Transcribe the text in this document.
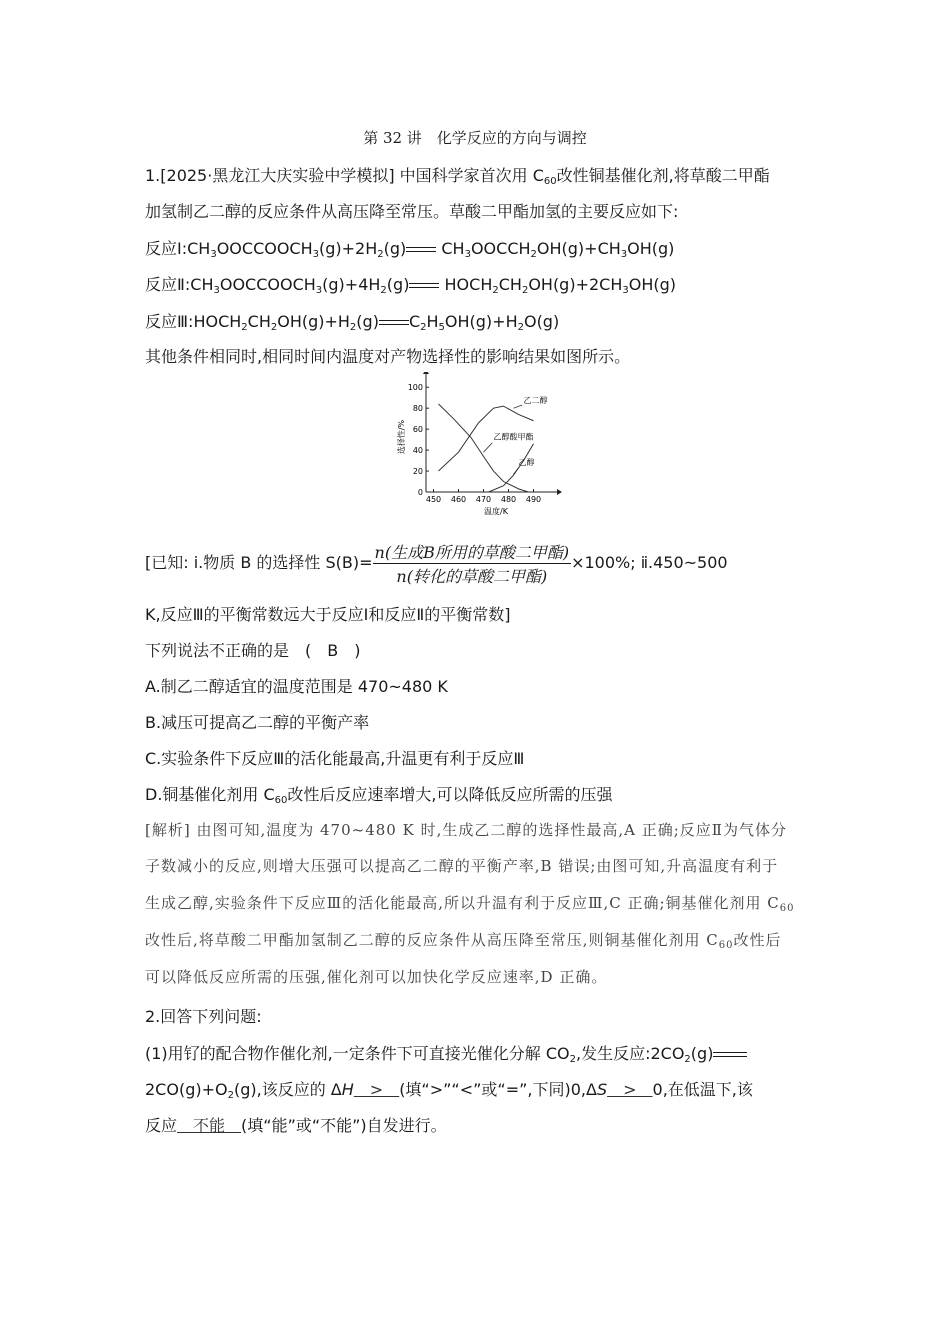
第 32 讲　化学反应的方向与调控
1.[2025·黑龙江大庆实验中学模拟] 中国科学家首次用 $C_{60}$改性铜基催化剂,将草酸二甲酯
加氢制乙二醇的反应条件从高压降至常压。草酸二甲酯加氢的主要反应如下:
反应$Ⅰ:CH_3OOCCOOCH_3(g)+2H_2(g)$ $CH_3OOCCH_2OH(g)+CH_3OH(g)$
反应$Ⅱ:CH_3OOCCOOCH_3(g)+4H_2(g)$ $HOCH_2CH_2OH(g)+2CH_3OH(g)$
反应$Ⅲ:HOCH_2CH_2OH(g)+H_2(g)$ $C_2H_5OH(g)+H_2O(g)$
其他条件相同时,相同时间内温度对产物选择性的影响结果如图所示。
450 460 470 480 490
0
20
40
60
80
100
温度/K
选择性/%
乙二醇
乙醇酸甲酯
乙醇
[已知: ⅰ.物质 B 的选择性 $S(B)= \frac{\text{n(生成B所用的草酸二甲酯)}}{\text{n(转化的草酸二甲酯)}} \times 100\%$; ⅱ.450~500
K,反应Ⅲ的平衡常数远大于反应Ⅰ和反应Ⅱ的平衡常数]
下列说法不正确的是　(　B　)
A.制乙二醇适宜的温度范围是 470~480 K
B.减压可提高乙二醇的平衡产率
C.实验条件下反应Ⅲ的活化能最高,升温更有利于反应Ⅲ
D.铜基催化剂用 $C_{60}$改性后反应速率增大,可以降低反应所需的压强
[解析] 由图可知,温度为 470~480 K 时,生成乙二醇的选择性最高,A 正确;反应Ⅱ为气体分
子数减小的反应,则增大压强可以提高乙二醇的平衡产率,B 错误;由图可知,升高温度有利于
生成乙醇,实验条件下反应Ⅲ的活化能最高,所以升温有利于反应Ⅲ,C 正确;铜基催化剂用 $C_{60}$
改性后,将草酸二甲酯加氢制乙二醇的反应条件从高压降至常压,则铜基催化剂用 $C_{60}$改性后
可以降低反应所需的压强,催化剂可以加快化学反应速率,D 正确。
2.回答下列问题:
(1)用钌的配合物作催化剂,一定条件下可直接光催化分解 $CO_2$,发生反应$:2CO_2(g)$
$2CO(g)+O_2(g)$,该反应的 ΔH　>　(填“>”“<”或“=”,下同)0,ΔS　>　0,在低温下,该
反应　不能　(填“能”或“不能”)自发进行。
